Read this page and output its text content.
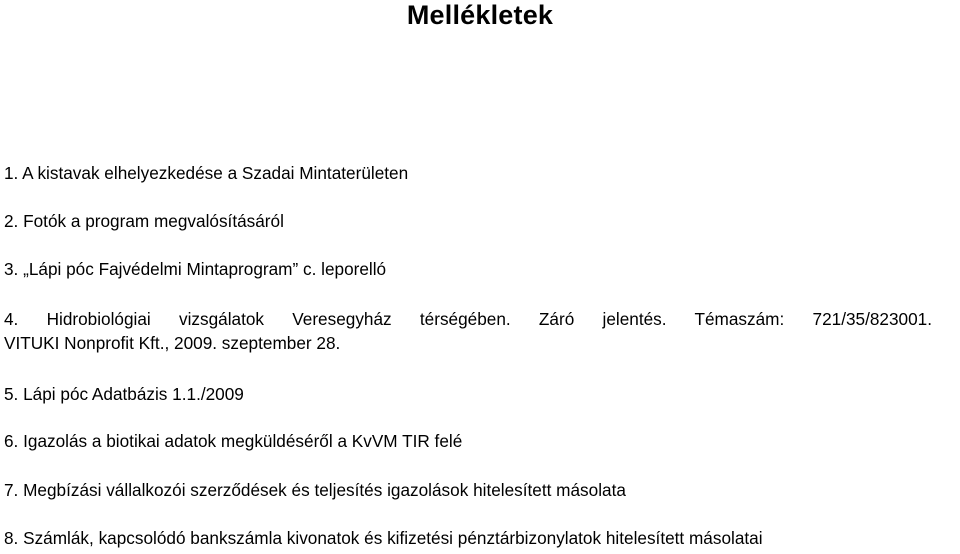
Mellékletek

1. A kistavak elhelyezkedése a Szadai Mintaterületen

2. Fotók a program megvalósításáról

3. „Lápi póc Fajvédelmi Mintaprogram” c. leporelló

4. Hidrobiológiai vizsgálatok Veresegyház térségében. Záró jelentés. Témaszám: 721/35/823001.
VITUKI Nonprofit Kft., 2009. szeptember 28.

5. Lápi póc Adatbázis 1.1./2009

6. Igazolás a biotikai adatok megküldéséről a KvVM TIR felé

7. Megbízási vállalkozói szerződések és teljesítés igazolások hitelesített másolata

8. Számlák, kapcsolódó bankszámla kivonatok és kifizetési pénztárbizonylatok hitelesített másolatai
